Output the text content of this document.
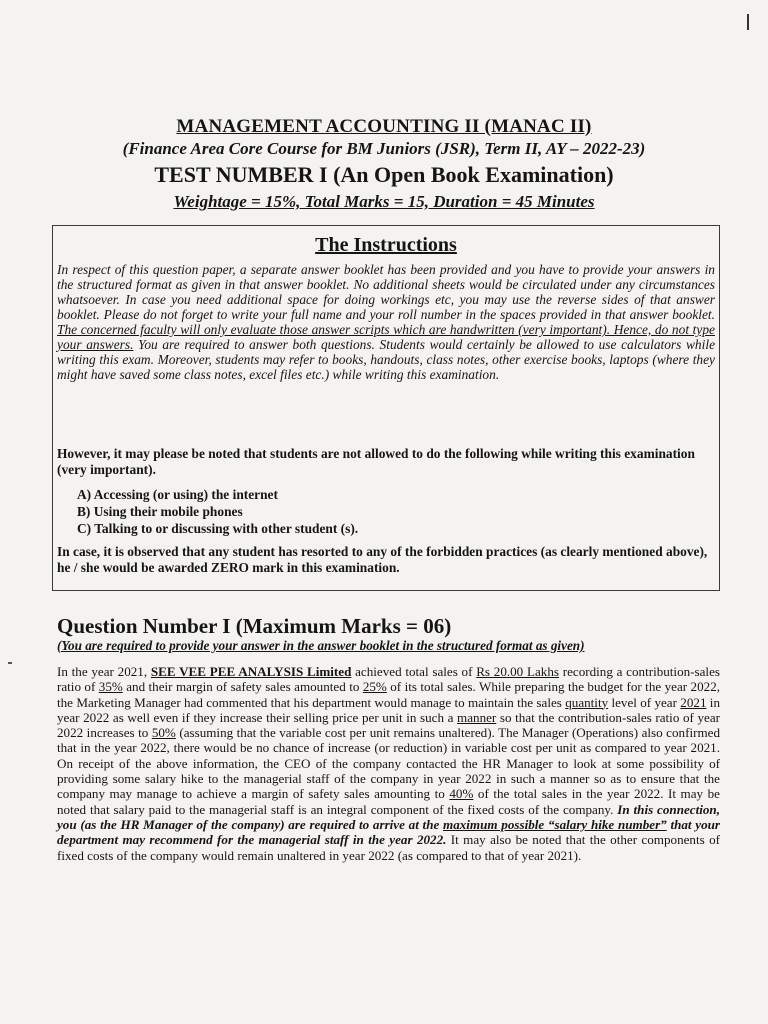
MANAGEMENT ACCOUNTING II (MANAC II)
(Finance Area Core Course for BM Juniors (JSR), Term II, AY – 2022-23)
TEST NUMBER I (An Open Book Examination)
Weightage = 15%, Total Marks = 15, Duration = 45 Minutes
The Instructions
In respect of this question paper, a separate answer booklet has been provided and you have to provide your answers in the structured format as given in that answer booklet. No additional sheets would be circulated under any circumstances whatsoever. In case you need additional space for doing workings etc, you may use the reverse sides of that answer booklet. Please do not forget to write your full name and your roll number in the spaces provided in that answer booklet. The concerned faculty will only evaluate those answer scripts which are handwritten (very important). Hence, do not type your answers. You are required to answer both questions. Students would certainly be allowed to use calculators while writing this exam. Moreover, students may refer to books, handouts, class notes, other exercise books, laptops (where they might have saved some class notes, excel files etc.) while writing this examination.
However, it may please be noted that students are not allowed to do the following while writing this examination (very important).
A) Accessing (or using) the internet
B) Using their mobile phones
C) Talking to or discussing with other student (s).
In case, it is observed that any student has resorted to any of the forbidden practices (as clearly mentioned above), he / she would be awarded ZERO mark in this examination.
Question Number I (Maximum Marks = 06)
(You are required to provide your answer in the answer booklet in the structured format as given)
In the year 2021, SEE VEE PEE ANALYSIS Limited achieved total sales of Rs 20.00 Lakhs recording a contribution-sales ratio of 35% and their margin of safety sales amounted to 25% of its total sales. While preparing the budget for the year 2022, the Marketing Manager had commented that his department would manage to maintain the sales quantity level of year 2021 in year 2022 as well even if they increase their selling price per unit in such a manner so that the contribution-sales ratio of year 2022 increases to 50% (assuming that the variable cost per unit remains unaltered). The Manager (Operations) also confirmed that in the year 2022, there would be no chance of increase (or reduction) in variable cost per unit as compared to year 2021. On receipt of the above information, the CEO of the company contacted the HR Manager to look at some possibility of providing some salary hike to the managerial staff of the company in year 2022 in such a manner so as to ensure that the company may manage to achieve a margin of safety sales amounting to 40% of the total sales in the year 2022. It may be noted that salary paid to the managerial staff is an integral component of the fixed costs of the company. In this connection, you (as the HR Manager of the company) are required to arrive at the maximum possible “salary hike number” that your department may recommend for the managerial staff in the year 2022. It may also be noted that the other components of fixed costs of the company would remain unaltered in year 2022 (as compared to that of year 2021).
